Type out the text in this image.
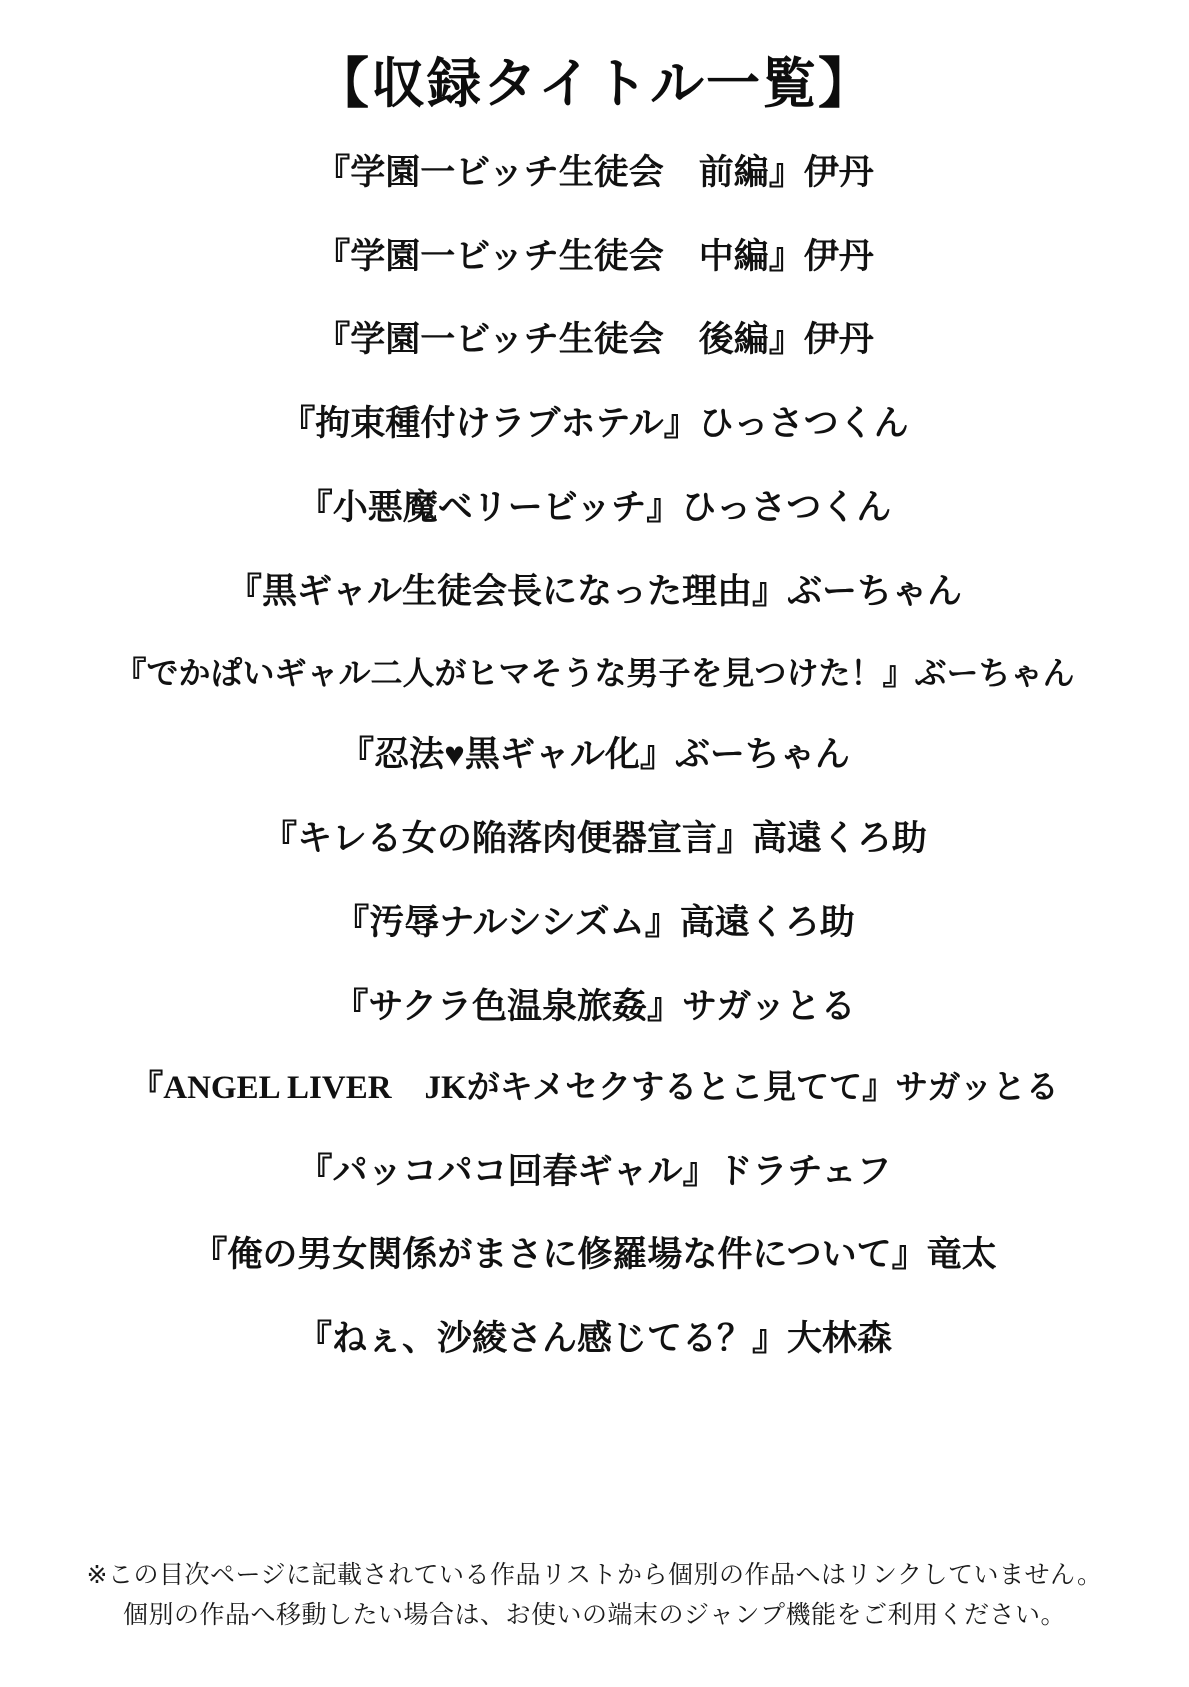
【収録タイトル一覧】
『学園一ビッチ生徒会　前編』伊丹
『学園一ビッチ生徒会　中編』伊丹
『学園一ビッチ生徒会　後編』伊丹
『拘束種付けラブホテル』ひっさつくん
『小悪魔ベリービッチ』ひっさつくん
『黒ギャル生徒会長になった理由』ぶーちゃん
『でかぱいギャル二人がヒマそうな男子を見つけた！』ぶーちゃん
『忍法♥黒ギャル化』ぶーちゃん
『キレる女の陥落肉便器宣言』高遠くろ助
『汚辱ナルシシズム』高遠くろ助
『サクラ色温泉旅姦』サガッとる
『ANGEL LIVER　JKがキメセクするとこ見てて』サガッとる
『パッコパコ回春ギャル』ドラチェフ
『俺の男女関係がまさに修羅場な件について』竜太
『ねぇ、沙綾さん感じてる？』大林森
※この目次ページに記載されている作品リストから個別の作品へはリンクしていません。
個別の作品へ移動したい場合は、お使いの端末のジャンプ機能をご利用ください。
